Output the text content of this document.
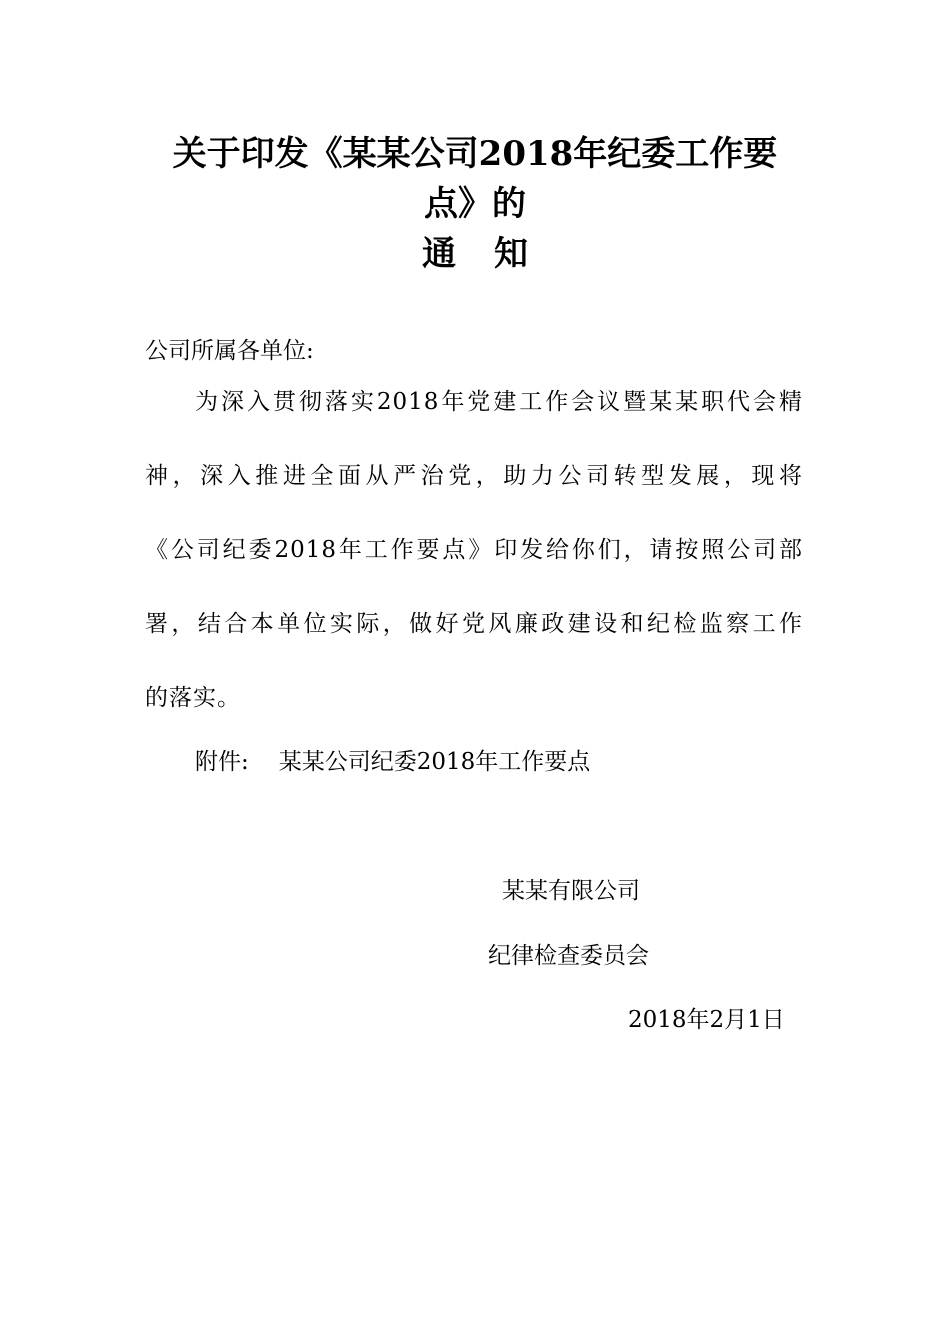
关于印发《某某公司2018年纪委工作要
点》的
通 知
公司所属各单位:
为深入贯彻落实2018年党建工作会议暨某某职代会精
神，深入推进全面从严治党，助力公司转型发展，现将
《公司纪委2018年工作要点》印发给你们，请按照公司部
署，结合本单位实际，做好党风廉政建设和纪检监察工作
的落实。
附件: 某某公司纪委2018年工作要点
某某有限公司
纪律检查委员会
2018年2月1日
